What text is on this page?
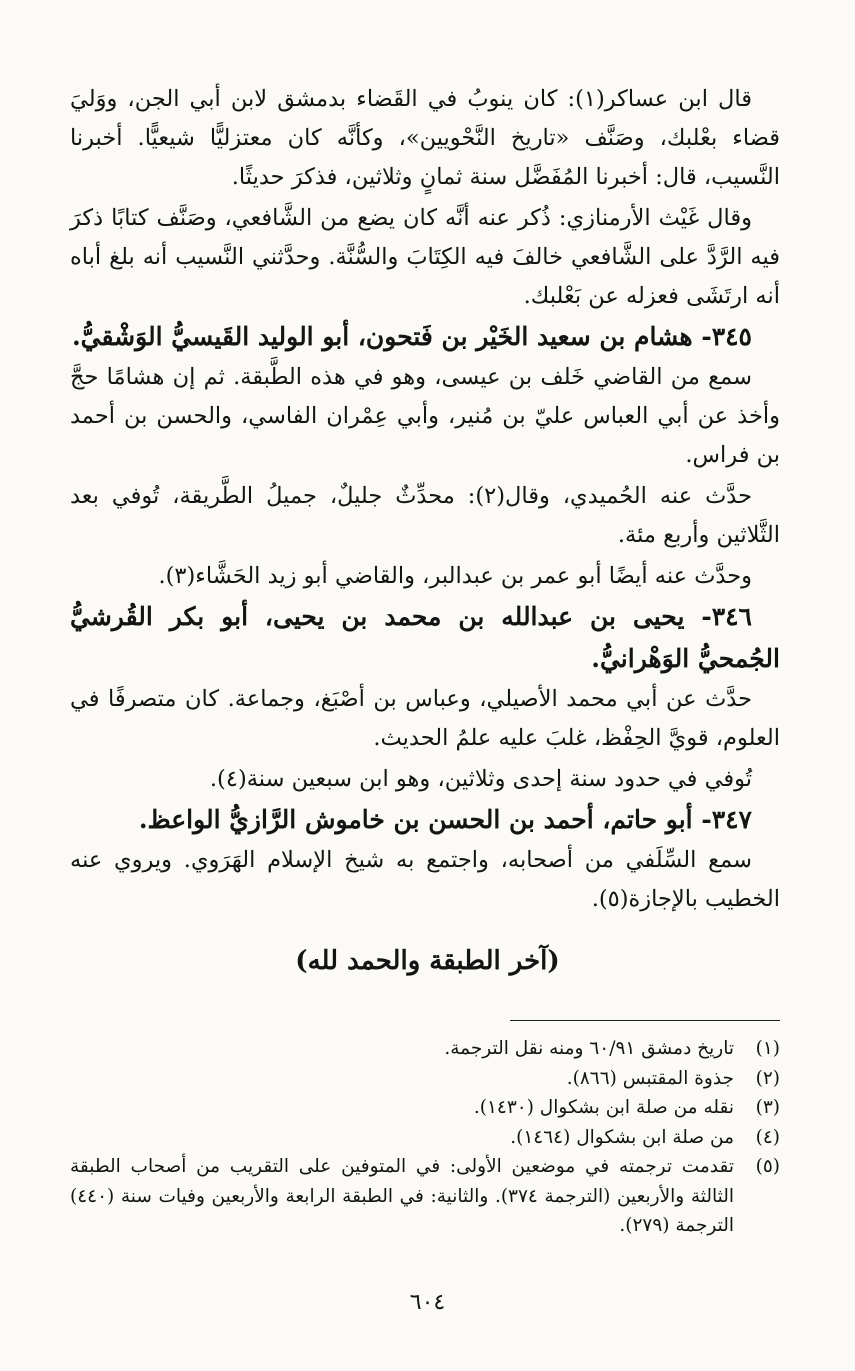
قال ابن عساكر(١): كان ينوبُ في القَضاء بدمشق لابن أبي الجن، ووَليَ قضاء بعْلبك، وصَنَّف «تاريخ النَّحْويين»، وكأنَّه كان معتزليًّا شيعيًّا. أخبرنا النَّسيب، قال: أخبرنا المُفَضَّل سنة ثمانٍ وثلاثين، فذكرَ حديثًا.

وقال غَيْث الأرمنازي: ذُكر عنه أنَّه كان يضع من الشَّافعي، وصَنَّف كتابًا ذكرَ فيه الرَّدَّ على الشَّافعي خالفَ فيه الكِتَابَ والسُّنَّة. وحدَّثني النَّسيب أنه بلغ أباه أنه ارتَشَى فعزله عن بَعْلبك.

٣٤٥- هشام بن سعيد الخَيْر بن فَتحون، أبو الوليد القَيسيُّ الوَشْقيُّ.

سمع من القاضي خَلف بن عيسى، وهو في هذه الطَّبقة. ثم إن هشامًا حجَّ وأخذ عن أبي العباس عليّ بن مُنير، وأبي عِمْران الفاسي، والحسن بن أحمد بن فراس.

حدَّث عنه الحُميدي، وقال(٢): محدِّثٌ جليلٌ، جميلُ الطَّريقة، تُوفي بعد الثَّلاثين وأربع مئة.

وحدَّث عنه أيضًا أبو عمر بن عبدالبر، والقاضي أبو زيد الحَشَّاء(٣).

٣٤٦- يحيى بن عبدالله بن محمد بن يحيى، أبو بكر القُرشيُّ الجُمحيُّ الوَهْرانيُّ.

حدَّث عن أبي محمد الأصيلي، وعباس بن أصْبَغ، وجماعة. كان متصرفًا في العلوم، قويَّ الحِفْظ، غلبَ عليه علمُ الحديث.

تُوفي في حدود سنة إحدى وثلاثين، وهو ابن سبعين سنة(٤).

٣٤٧- أبو حاتم، أحمد بن الحسن بن خاموش الرَّازيُّ الواعظ.

سمع السِّلَفي من أصحابه، واجتمع به شيخ الإسلام الهَرَوي. ويروي عنه الخطيب بالإجازة(٥).

(آخر الطبقة والحمد لله)
(١)
تاريخ دمشق ٦٠/٩١ ومنه نقل الترجمة.
(٢)
جذوة المقتبس (٨٦٦).
(٣)
نقله من صلة ابن بشكوال (١٤٣٠).
(٤)
من صلة ابن بشكوال (١٤٦٤).
(٥)
تقدمت ترجمته في موضعين الأولى: في المتوفين على التقريب من أصحاب الطبقة الثالثة والأربعين (الترجمة ٣٧٤). والثانية: في الطبقة الرابعة والأربعين وفيات سنة (٤٤٠) الترجمة (٢٧٩).
٦٠٤
